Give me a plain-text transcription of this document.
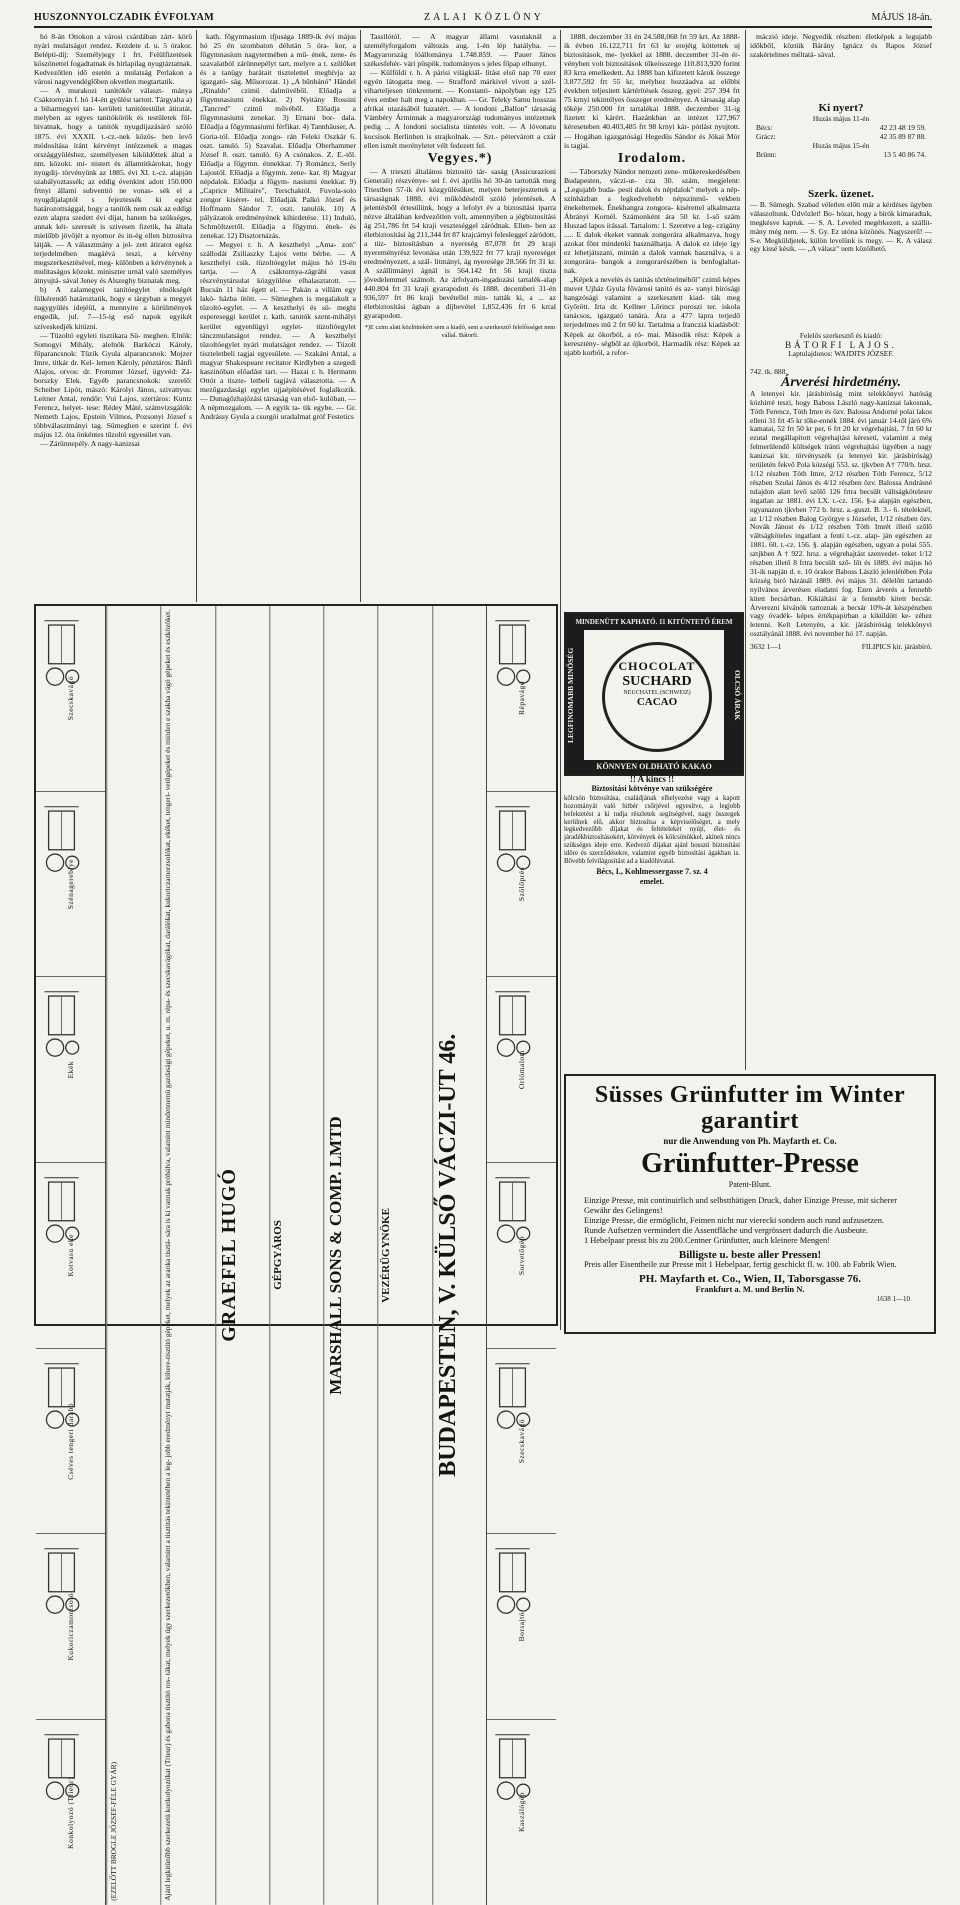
HUSZONNYOLCZADIK ÉVFOLYAM	ZALAI KÖZLÖNY	MÁJUS 18-án.

hó 8-án Ottokon a városi csárdában zárt- körü nyári mulatságot rendez. Kezdete d. u. 5 órakor. Belépti-díj: Személyjegy 1 frt. Felülfizetések köszönettel fogadtatnak és hirlapilag nyugtáztatnak. Kedvezőtlen idő esetén a mulatság Perlakon a városi nagyvendéglőben okvetlen megtartatik.

— A murakozi tanitókör választ- mánya Csáktornyán f. hó 14-én gyülést tartott. Tárgyalta a) a biharmegyei tan- kerületi tanitótestület átiratát, melyben az egyes tanitókörök és testületek föl- hivatnak, hogy a tanitók nyugdijazásáró szóló 1875. évi XXXII. t.-cz.-nek közös- ben levő módosítása iránt kérvényt intézzenek a magas országgyüléshez, személyesen kiküldöttek által a nm. közokt. mi- nistert és államtitkárokat, hogy nyugdij- törvényünk az 1885. évi XI. t.-cz. alapján szabályoztassék; az eddig évenkint adott 150.000 frtnyi állami subventió ne vonas- sék el a nyugdíjalaptól s fejeztessék ki egész határozottsággal, hogy a tanítók nem csak az eddigi ezen alapra szedett évi dijat, hanem ba szükséges, annak két- szeresét is szivesen fizetik, ha általa mielőbb jövőjét a nyomor és in-ég ellen biztosítva látják. — A választmány a jel- zett átiratot egész terjedelmében magáévá teszi, a kérvény megszerkesztésével, meg- különben a kérvénynek a mulitaságos közokt. miniszter urnál való személyes átnyujtá- sával Jeney és Alszeghy biznatak meg.

b) A zalamegyei tanitóegylet elnökségét fölkérendő határoztatik, hogy e tárgyban a megyei nagygyülés idejéül, a mennyire a körülmények engedik, jul. 7—15-ig eső napok egyikét szíveskedjék kitüzni.

— Tüzoltó egyleti tisztikara Sü- meghen. Elnök: Somogyi Mihály, alelnök Barkóczi Károly, főparancsnok: Tüzik Gyula alparancsnok: Mojzer Imre, titkár dr. Kel- lemen Károly, pénztáros: Bánfi Alajos, orvos: dr. Frommer József, ügyvéd: Zá- borszky Elek. Egyéb parancsnokok: szerelő: Scheiber Lipót, mászó: Károlyi János, szivattyus: Leitner Antal, rendőr: Vui Lajos, szertáros: Kuntz Ferencz, helyet- tese: Rédey Máté, számvizsgálók: Nemeth Lajos, Epstein Vilmos, Pozsonyi József s többválasztmányi tag. Sümeghen e szerint f. évi május 12. óta önkéntes tűzoltó egyesület van.

— Zárünnepély. A nagy-kanizsai

kath. főgymnasium ifjusága 1889-ik évi május hó 25 én szombaton délután 5 óra- kor, a főgymnasium nagytermében a mű- ének, zene- és szavalatból zárünnepélyt tart, melyre a t. szülőket és a tanügy barátait tisztelettel meghívja az igazgató- ság. Műsorozat. 1) „A bűnbánó" Händel „Rinaldo" czimü dalmüvéből. Előadja a főgymnasiumi énekkar. 2) Nyitány Rossini „Tancred" czimű művéből. Előadja a főgymnasiumi zenekar. 3) Ernani bor- dala. Előadja a főgymnasiumi férfikar. 4) Tannhäuser, A. Goria-tól. Előadja zongo- rán Feleki Oszkár 6. oszt. tanuló. 5) Szavalat. Előadja Oberhammer József 8. oszt. tanuló. 6) A csónakos. Z. E.-től. Előadja a főgymn. énnekkar. 7) Románcz, Serly Lajostól. Előadja a főgymn. zene- kar. 8) Magyar népdalok. Előadja a főgym- nasiumi énekkar. 9) „Caprice Militaire", Terschaktól. Fuvola-solo zongor kiséret- tel. Előadják Palkó József és Hoffmann Sándor 7. oszt. tanulók. 10) A pályázatok eredményének kihirdetése. 11) Induló, Schmöltzertől. Előadja a főgymn. ének- és zenekar. 12) Disztornázás.

— Megyei r. h. A keszthelyi „Ama- zon" szállodát Zsiliaszky Lajos vette bérbe. — A keszthelyi csik. tüzoltóegylet május hó 19-én tartja. — A csáktornya-zágrábi vasut részvénytársulat közgyülése elhalasztatott. — Bucsán 11 ház égett el. — Pakán a villám egy lakó- házba ütött. — Sümeghen is megalakult a tüzoltó-egylet. — A keszthelyi és sü- meghi espereseggi kerület r. kath. tanitók szent-mihályi kerület egyenlügyi egylet- tüzoltóegylet tánczmulatságot rendez. — A keszthelyi tüzoltóegylet nyári mulatságot rendez. — Tüzolt tiszteletbeli tagjai egyesülete. — Szakáni Antal, a magyar Shakespeare recitator Kirdlyben a szegedi kaszinóban előadást tart. — Hazai r. h. Hermann Ottót a tiszte- letbeli tagjává választotta. — A mezőgazdasági egylet ujjaépítésével foglalkozik. — Dunagőzhajózási társaság van első- kulóban. — A népmozgalom. — A egyik ta- tik egybe. — Gr. Andrássy Gyula a csurgói uradalmat gróf Festetics

Tassilótól. — A magyar állami vasutaknál a személyforgalom változás aug. 1-én lép hatályba. — Magyarország lóállománya 1.748.859. — Pauer János székesfehér- vári püspök. tudományos s jeles főpap elhunyt.

— Külföldi r. h. A párisi világkiál- litást első nap 70 ezer egyén látogatta meg. — Strafford márkivel vívott a szél- viharteljesen tönkrement. — Konstanti- nápolyban egy 125 éves ember halt meg a napokban. — Gr. Teleky Samu hosszas afrikai utazásából hazatért. — A londoni „Ballon" társaság Vámbéry Árminnak a magyarországi tudományos intézetnek pedig ... A londoni socialista tüntetés volt. — A lóvonatu kocsisok Berlinben is strajkolnak. — Szt.- pétervárott a czár ellen ismét merényletet vélt fedezett fel.

Vegyes.*)

— A trieszti általános biztosító tár- saság (Assicurazioni Generali) részvénye- sei f. évi április hó 30-án tartották meg Triestben 57-ik évi közgyülésüket, melyen beterjesztettek a társaságnak 1888. évi működéséről szóló jelentések. A jelentésből értesülünk, hogy a lefolyt év a biztositási iparra nézve általában kedvezőtlen volt, amennyiben a jégbiztosítási ág 251,786 frt 54 kraji veszteséggel záródnak. Ellen- ben az életbiztosítási ág 211,344 frt 87 krajcárnyi felesleggel záródott, a tüz- biztosításban a nyereség 87,078 frt 29 kraji nyereményrész levonása után 139,922 frt 77 kraji nyereséget eredményezett, a szál- litmányi, ág nyeresége 28.566 frt 31 kr. A szállitmányi ágnál is 564.142 frt 56 kraji tiszta jövedelemmel számolt. Az árfolyam-ingadozási tartalék-alap 440.804 frt 31 kraji gyarapodott és 1888. decemberi 31-én 936,597 frt 86 kraji bevétellel min- tatták ki, a ... az életbiztosítási ágban a díjbevétel 1,852,436 frt 6 krral gyarapodott.

*)E czim alatt közlöttekért sem a kiadó, sem a szerkesztő felelősséget nem vállal. Bátorfi.

1888. deczember 31 én 24.588,068 frt 59 krt. Az 1888-ik évben 16.122,711 frt 63 kr erejéig köttettek uj biztositások, me- lyekkel az 1888. deczember 31-én ér- vényben volt biztositások tőkeösszege 110.813,920 forint 83 krra emelkedett. Az 1888 ban kifizetett károk összege 3.877,592 frt 55 kr, melyhez hozzáadva az előbbi években teljesitett kártérítések összeg. gyei: 257 394 frt 75 krnyi tekintélyes összeget eredményez. A társaság alap tőkéje 250.000 frt tartalékai 1888. deczember 31-ig fizetett ki kárért. Hazánkban az intézet 127,967 kéreseteben 40.403,485 frt 98 krnyi kár- pótlást nyujtott. — Hogában igazgatósági Hegedüs Sándor és Jókai Mór is tagjai.

Irodalom.

— Táborszky Nándor nemzeti zene- műkereskedésében Budapesten, váczi-ut- cza 30. szám, megjelent: „Legujabb buda- pesti dalok és népdalok" melyek a nép- színházban a legkedveltebb népszinmü- vekben énekeltetnek. Énekhangra zongora- kisérettel alkalmazta Ábrányi Kornél. Számonként ára 50 kr. 1-ső szám Huszad lapos írással. Tartalom: 1. Szeretve a leg- czigány ..... E dalok ékeket vannak zongorára alkalmazva, hogy azokat fönt mindenki használhatja. A dalok ez ideje így ez lehetjátszani, mintán a dalok vannak használva, s a zongorára- bangok a zongorarészében is benfoglaltat- nak.

„Képek a nevelés és tanitás történelméből" czimü képes muvet Ujház Gyula fővárosi tanitó és az- vanyi bírósági hangzósági valamint a szerkesztett kiad- ták meg Győrött. Irta dr. Kellner Lőrincz poroszi ter. iskola tanácsos, igazgató tanára. Ára a 477 lapra terjedő terjedelmes mű 2 frt 60 kr. Tartalma a francziá kiadásból: Képek az ókorból, a ró- mai. Második rész: Képek a keresztény- ségből az újkorból, Harmadik rész: Képek az ujabb korból, a refor-

máczió ideje. Negyedik részben: életképek a legujabb időkből, köztük Bárány Ignácz és Rapos József szakértelmes méltatá- sával.

Ki nyert?
Huzás május 11-én
Bécs:	42 23 48 19 59.
Grácz:	42 35 89 87 88.
Huzás május 15-én
Brünn:	13 5 40 86 74.
Szerk. üzenet.
— B. Sümegh. Szabad véletlen előtt már a kérdéses ügyben válaszoltunk. Üdvözlet! Bo- hózat, hogy a bírók kimaradtak, megkésve kaptuk. — S. A. Leveled megérkezett, a szállit- mány még nem. — S. Gy. Ez utóna közönés. Nagyszerű! — S-e. Megküldjetek, külön levelünk is megy. — K. A válasz egy kissé késik. — „A válasz" nem közölhető.
Felelős szerkesztő és kiadó:
BÁTORFI LAJOS.
Laptulajdonos: WAJDITS JÓZSEF.
742. tk. 888.
Árverési hirdetmény.
A letenyei kir. járásbiróság mint telekkönyvi hatóság közhírré teszi, hogy Baboss László nagy-kanizsai lakosnak, Tóth Ferencz, Tóth Imre és özv. Balossa Andorné polai lakos elleni 31 frt 45 kr tőke-ennék 1884. évi január 14-től járó 6% kamatai, 52 frt 50 kr per, 6 frt 20 kr végrehajtási, 7 frt 60 kr ezutal megállapított végrehajtási kéreseti, valamint a még felmerülendő költségek iránti végrehajtási ügyében a nagy kanizsai kir. törvényszék (a letenyei kir. járásbiróság) területén fekvő Pola községi 553. sz. tjkvben A† 770/b. hrsz. 1/12 részben Tóth Imre, 2/12 részben Tóth Ferencz, 5/12 részben Szulai János és 4/12 részben özv. Balossa Andrásné tulajdon alatt levő szőlő 126 frtra becsült váltságkötelesre ingatlan az 1881. évi LX. t.-cz. 156. §-a alapján egészben, ugyanazon tjkvben 772 b. hrsz. a.-guszt. B. 3.- 6. tételeknél, az 1/12 részben Balog Györgye s Józsefet, 1/12 részben özv. Novák Jánost és 1/12 részben Tóth Imrét illető szőlő váltságköteles ingatlant a fenti t.-cz. alap- ján egészben az 1881. 60. t.-cz. 156. §. alapján egészben, ugyan a polai 555. sztjkben A † 922. hrsz. a végrehajtást szenvedet- teket 1/12 részben illető 8 frtra becsült sző- lőt és 1889. évi május hó 31-ik napján d. e. 10 órakor Baboss László jelenlétében Pola község biró házánál 1889. évi május 31. délelőtt tartandó nyilvános árverésen eladatni fog. Ezen árverés a fennebb kitett becsárban. Kikiáltási ár a fennebb kitett becsár. Árverezni kívánók tartoznak a becsár 10%-át készpénzben vagy óvadék- képes értékpapírban a kiküldött ke- zéhez letenni. Kelt Letenyén, a kir. járásbiróság telekkönyvi osztályánál 1888. évi november hó 17. napján.
3632 1—1	FILIPICS kir. járásbíró.
Szecskavágó
Szénagereblye
Ekék
Kotvasu eke
Cséves tengeri darabó
Kukoriczamorzsoló
Konkolyozó (Trieur)	(EZELŐTT BROGLE JÓZSEF-FÉLE GYÁR)	Ajánl legkitünőbb szerkezetü konkolyozókat (Trieur) és gabona tisztító ros- tákat, melyek úgy szerkezetökben, valamint a tisztitás tekintetében a leg- jobb eredményt mutatják, lóhere-tisztító gépeket, melyek az aranka tisztá- sára is ki vannak próbálva, valamint mindennemü gazdasági gépeket, u. m. répa- és szecskavágókat, darálókat, kukoriczamorzsolókat, ekéket, tengeri- vetőgépeket és minden e szakba vágó gépeket és eszközöket.	GRAEFEL HUGÓ	GÉPGYÁROS	MARSHALL SONS & COMP. LMTD	VEZÉRÜGYNÖKE	BUDAPESTEN, V. KÜLSŐ VÁCZI-UT 46.
Répavágó
Szőlőprés
Orlómalom
Sorvetőgép
Szecskavágó
Borsajtó
Kaszálógép
MINDENÜTT KAPHATÓ. 11 KITÜNTETŐ ÉREM
LEGFINOMABB MINŐSÉG	OLCSÓ ÁRAK
CHOCOLAT
SUCHARD
NEUCHATEL (SCHWEIZ)
CACAO
KÖNNYEN OLDHATÓ KAKAO
!! A kincs !!
Biztositási kötvénye van szükségére
kölcsön biztosítása, családjának elhelyezése vagy a kapott hozományát való hitbér csőrjével egyesítve, a legjobb befektetést a ki tudja részletek segítségével, nagy összegek kerülnek elő, akkor biztosítsa a képviselőséget, a mely legkedvezőbb díjakat és feltételeket nyújt, élet- és járadékbiztosításokért, kötvények és kölcsönökkel, akinek nincs szükséges ideje erre. Kedvező díjakat ajánl hosszú biztosítási időre és szerződésekre, valamint egyéb biztosítási ágakban is. Bővebb felvilágosítást ad a kiadóhivatal.
Bécs, I., Kohlmessergasse 7. sz. 4
emelet.
Süsses Grünfutter im Winter garantirt
nur die Anwendung von Ph. Mayfarth et. Co.
Grünfutter-Presse
Patent-Blunt.
Einzige Presse, mit continuirlich und selbstthätigen Druck, daher Einzige Presse, mit sicherer Gewähr des Gelingens!
Einzige Presse, die ermöglicht, Feimen nicht nur vierecki sondern auch rund aufzusetzen.
Runde Aufsetzen vermindert die Assentfläche und vergrössert dadurch die Ausbeute.
1 Hebelpaar presst bis zu 200.Centner Grünfutter, auch kleinere Mengen!
Billigste u. beste aller Pressen!
Preis aller Eisentheile zur Presse mit 1 Hebelpaar, fertig geschickt fl. w. 100. ab Fabrik Wien.
PH. Mayfarth et. Co., Wien, II, Taborsgasse 76.
Frankfurt a. M. und Berlin N.
1638 1—10
